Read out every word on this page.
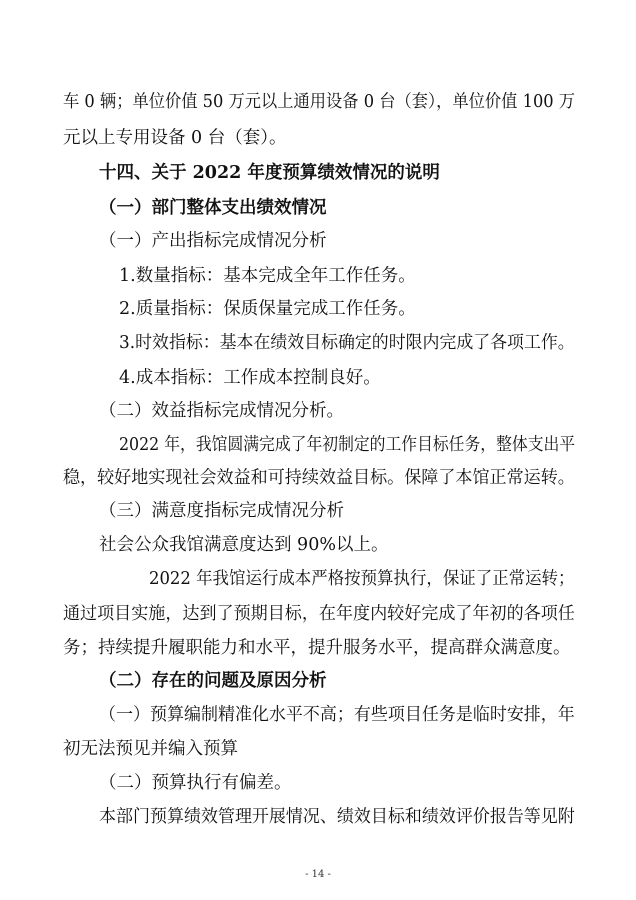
车 0 辆；单位价值 50 万元以上通用设备 0 台（套），单位价值 100 万
元以上专用设备 0 台（套）。
十四、关于 2022 年度预算绩效情况的说明
（一）部门整体支出绩效情况
（一）产出指标完成情况分析
1.数量指标：基本完成全年工作任务。
2.质量指标：保质保量完成工作任务。
3.时效指标：基本在绩效目标确定的时限内完成了各项工作。
4.成本指标：工作成本控制良好。
（二）效益指标完成情况分析。
2022 年，我馆圆满完成了年初制定的工作目标任务，整体支出平
稳，较好地实现社会效益和可持续效益目标。保障了本馆正常运转。
（三）满意度指标完成情况分析
社会公众我馆满意度达到 90%以上。
2022 年我馆运行成本严格按预算执行，保证了正常运转；
通过项目实施，达到了预期目标，在年度内较好完成了年初的各项任
务；持续提升履职能力和水平，提升服务水平，提高群众满意度。
（二）存在的问题及原因分析
（一）预算编制精准化水平不高；有些项目任务是临时安排，年
初无法预见并编入预算
（二）预算执行有偏差。
本部门预算绩效管理开展情况、绩效目标和绩效评价报告等见附
- 14 -
